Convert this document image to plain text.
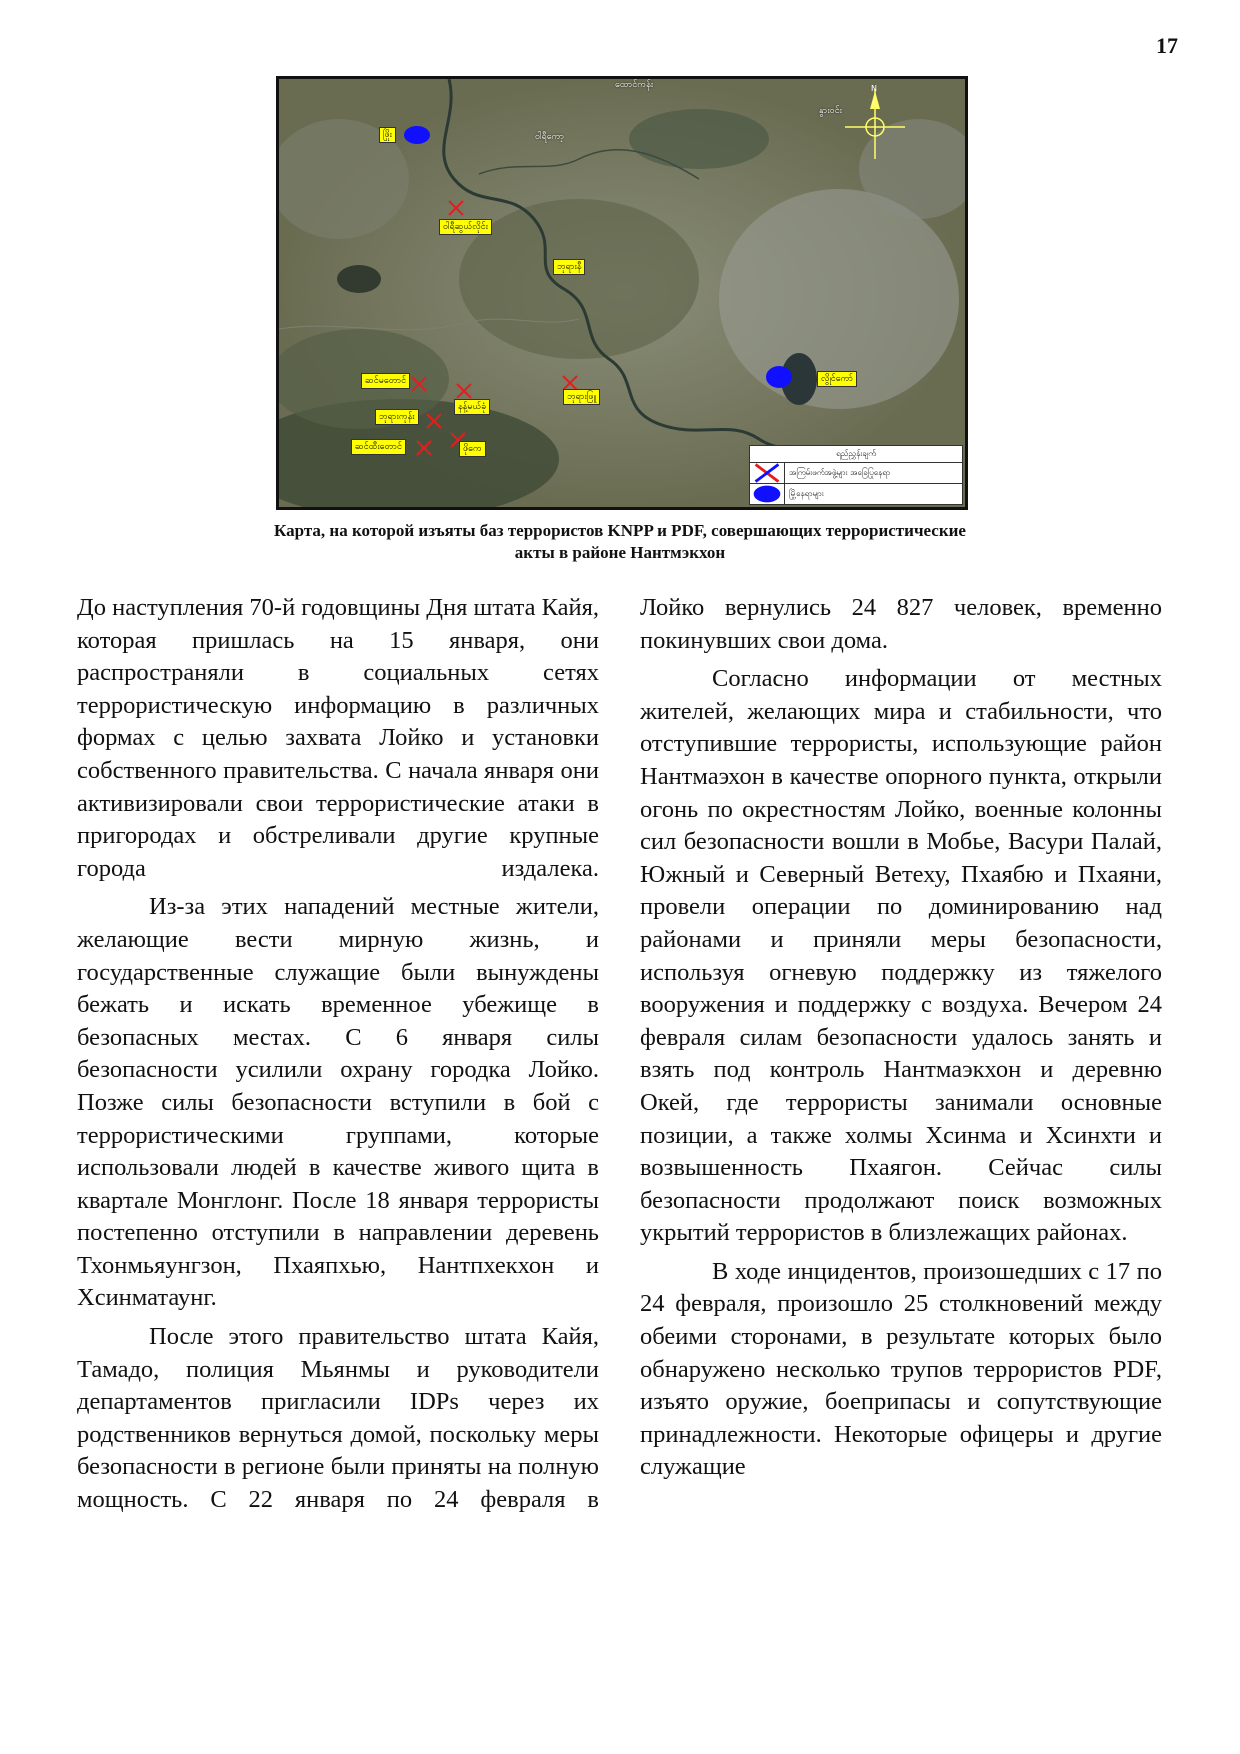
17
N
ထောင်ကန်း
ဝါရီကော့
နွားဝင်း
ဖြိုး
ဝါရီဆွယ်လိုင်း
ဘုရားနီ
ဆင်မတောင်
ဘုရားကုန်း
နန့်မယ်ခုံ
ဆင်ထီးတောင်	ဖိုကေ
ဘုရားဖြူ
လွိုင်ကော်
ရည်ညွှန်းချက်
အကြမ်းဖက်အဖွဲ့များ အခြေပြုနေရာ
မြို့နေရာများ
Карта, на которой изъяты баз террористов KNPP и PDF, совершающих террористические акты в районе Нантмэкхон

До наступления 70-й годовщины Дня штата Кайя, которая пришлась на 15 января, они распространяли в социальных сетях террористическую информацию в различных формах с целью захвата Лойко и установки собственного правительства. С начала января они активизировали свои террористические атаки в пригородах и обстреливали другие крупные города издалека.

Из-за этих нападений местные жители, желающие вести мирную жизнь, и государственные служащие были вынуждены бежать и искать временное убежище в безопасных местах. С 6 января силы безопасности усилили охрану городка Лойко. Позже силы безопасности вступили в бой с террористическими группами, которые использовали людей в качестве живого щита в квартале Монглонг. После 18 января террористы постепенно отступили в направлении деревень Тхонмьяунгзон, Пхаяпхью, Нантпхекхон и Хсинматаунг.

После этого правительство штата Кайя, Тамадо, полиция Мьянмы и руководители департаментов пригласили IDPs через их родственников вернуться домой, поскольку меры безопасности в регионе были приняты на полную мощность. С 22 января по 24 февраля в

Лойко вернулись 24 827 человек, временно покинувших свои дома.

Согласно информации от местных жителей, желающих мира и стабильности, что отступившие террористы, использующие район Нантмаэхон в качестве опорного пункта, открыли огонь по окрестностям Лойко, военные колонны сил безопасности вошли в Мобье, Васури Палай, Южный и Северный Ветеху, Пхаябю и Пхаяни, провели операции по доминированию над районами и приняли меры безопасности, используя огневую поддержку из тяжелого вооружения и поддержку с воздуха. Вечером 24 февраля силам безопасности удалось занять и взять под контроль Нантмаэкхон и деревню Окей, где террористы занимали основные позиции, а также холмы Хсинма и Хсинхти и возвышенность Пхаягон. Сейчас силы безопасности продолжают поиск возможных укрытий террористов в близлежащих районах.

В ходе инцидентов, произошедших с 17 по 24 февраля, произошло 25 столкновений между обеими сторонами, в результате которых было обнаружено несколько трупов террористов PDF, изъято оружие, боеприпасы и сопутствующие принадлежности. Некоторые офицеры и другие служащие
